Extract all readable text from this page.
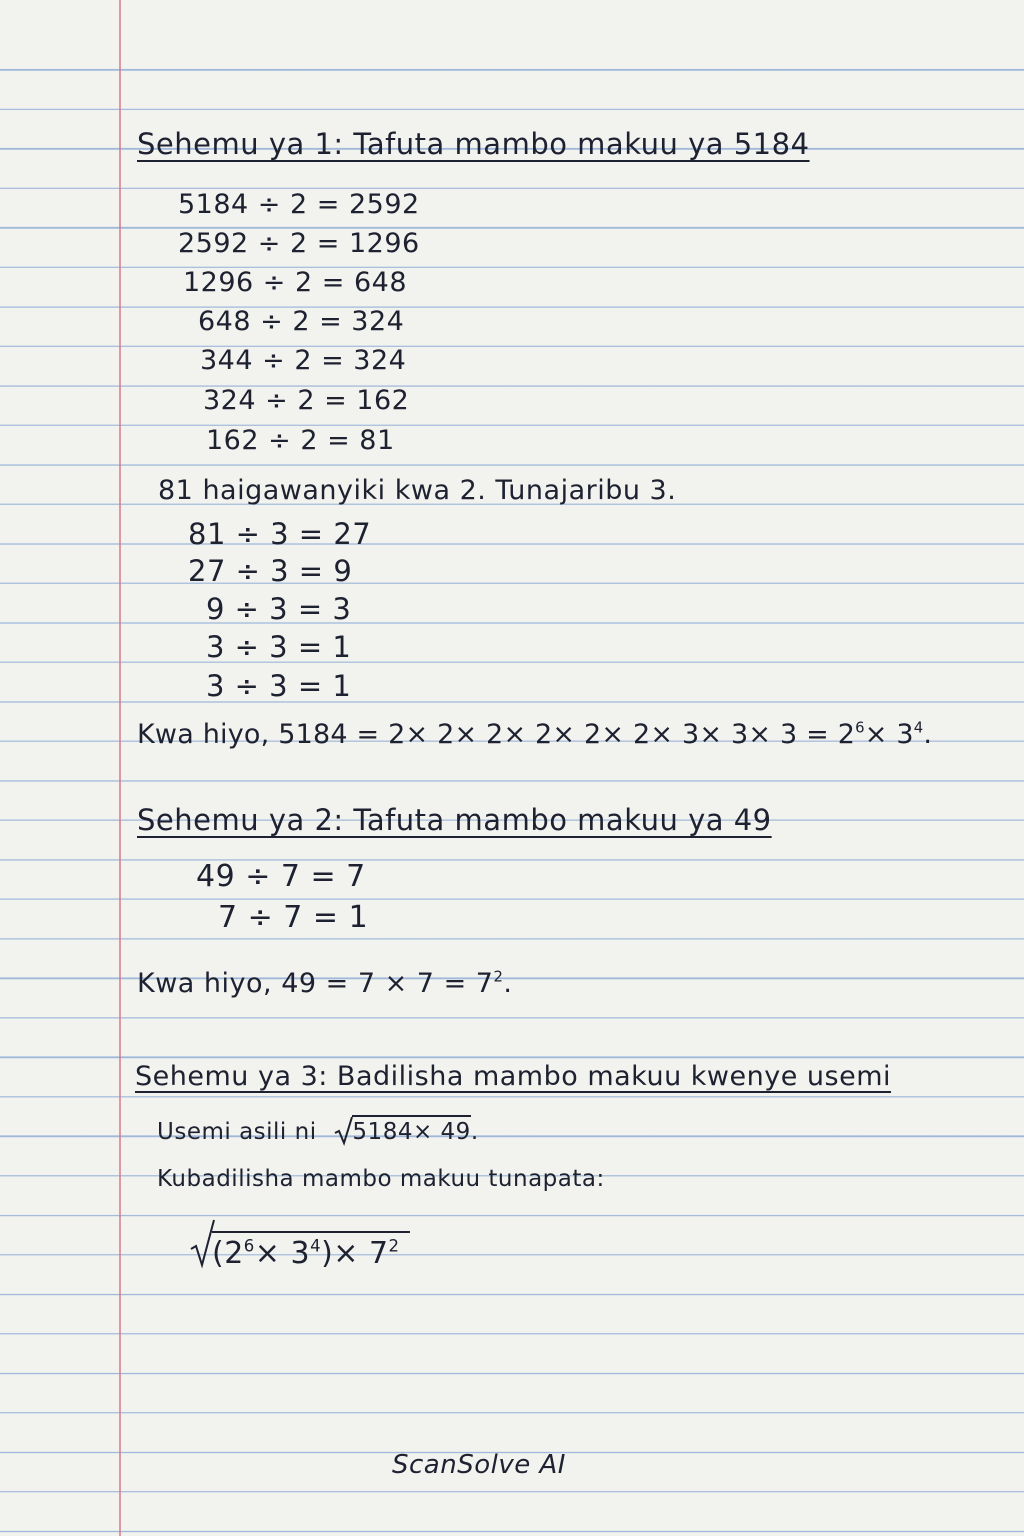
Sehemu ya 1: Tafuta mambo makuu ya 5184
5184 ÷ 2 = 2592
2592 ÷ 2 = 1296
1296 ÷ 2 = 648
648 ÷ 2 = 324
344 ÷ 2 = 324
324 ÷ 2 = 162
162 ÷ 2 = 81
81 haigawanyiki kwa 2. Tunajaribu 3.
81 ÷ 3 = 27
27 ÷ 3 = 9
9 ÷ 3 = 3
3 ÷ 3 = 1
3 ÷ 3 = 1
Kwa hiyo, $5184 = 2\times 2\times 2\times 2\times 2\times 2\times 3\times 3\times 3 = 2^6\times 3^4$.
Sehemu ya 2: Tafuta mambo makuu ya 49
49 ÷ 7 = 7
7 ÷ 7 = 1
Kwa hiyo, $49 = 7 \times 7 = 7^2$.
Sehemu ya 3: Badilisha mambo makuu kwenye usemi
Usemi asili ni 5184× 49.
Kubadilisha mambo makuu tunapata:
$(2^6\times 3^4)\times 7^2$
ScanSolve AI
